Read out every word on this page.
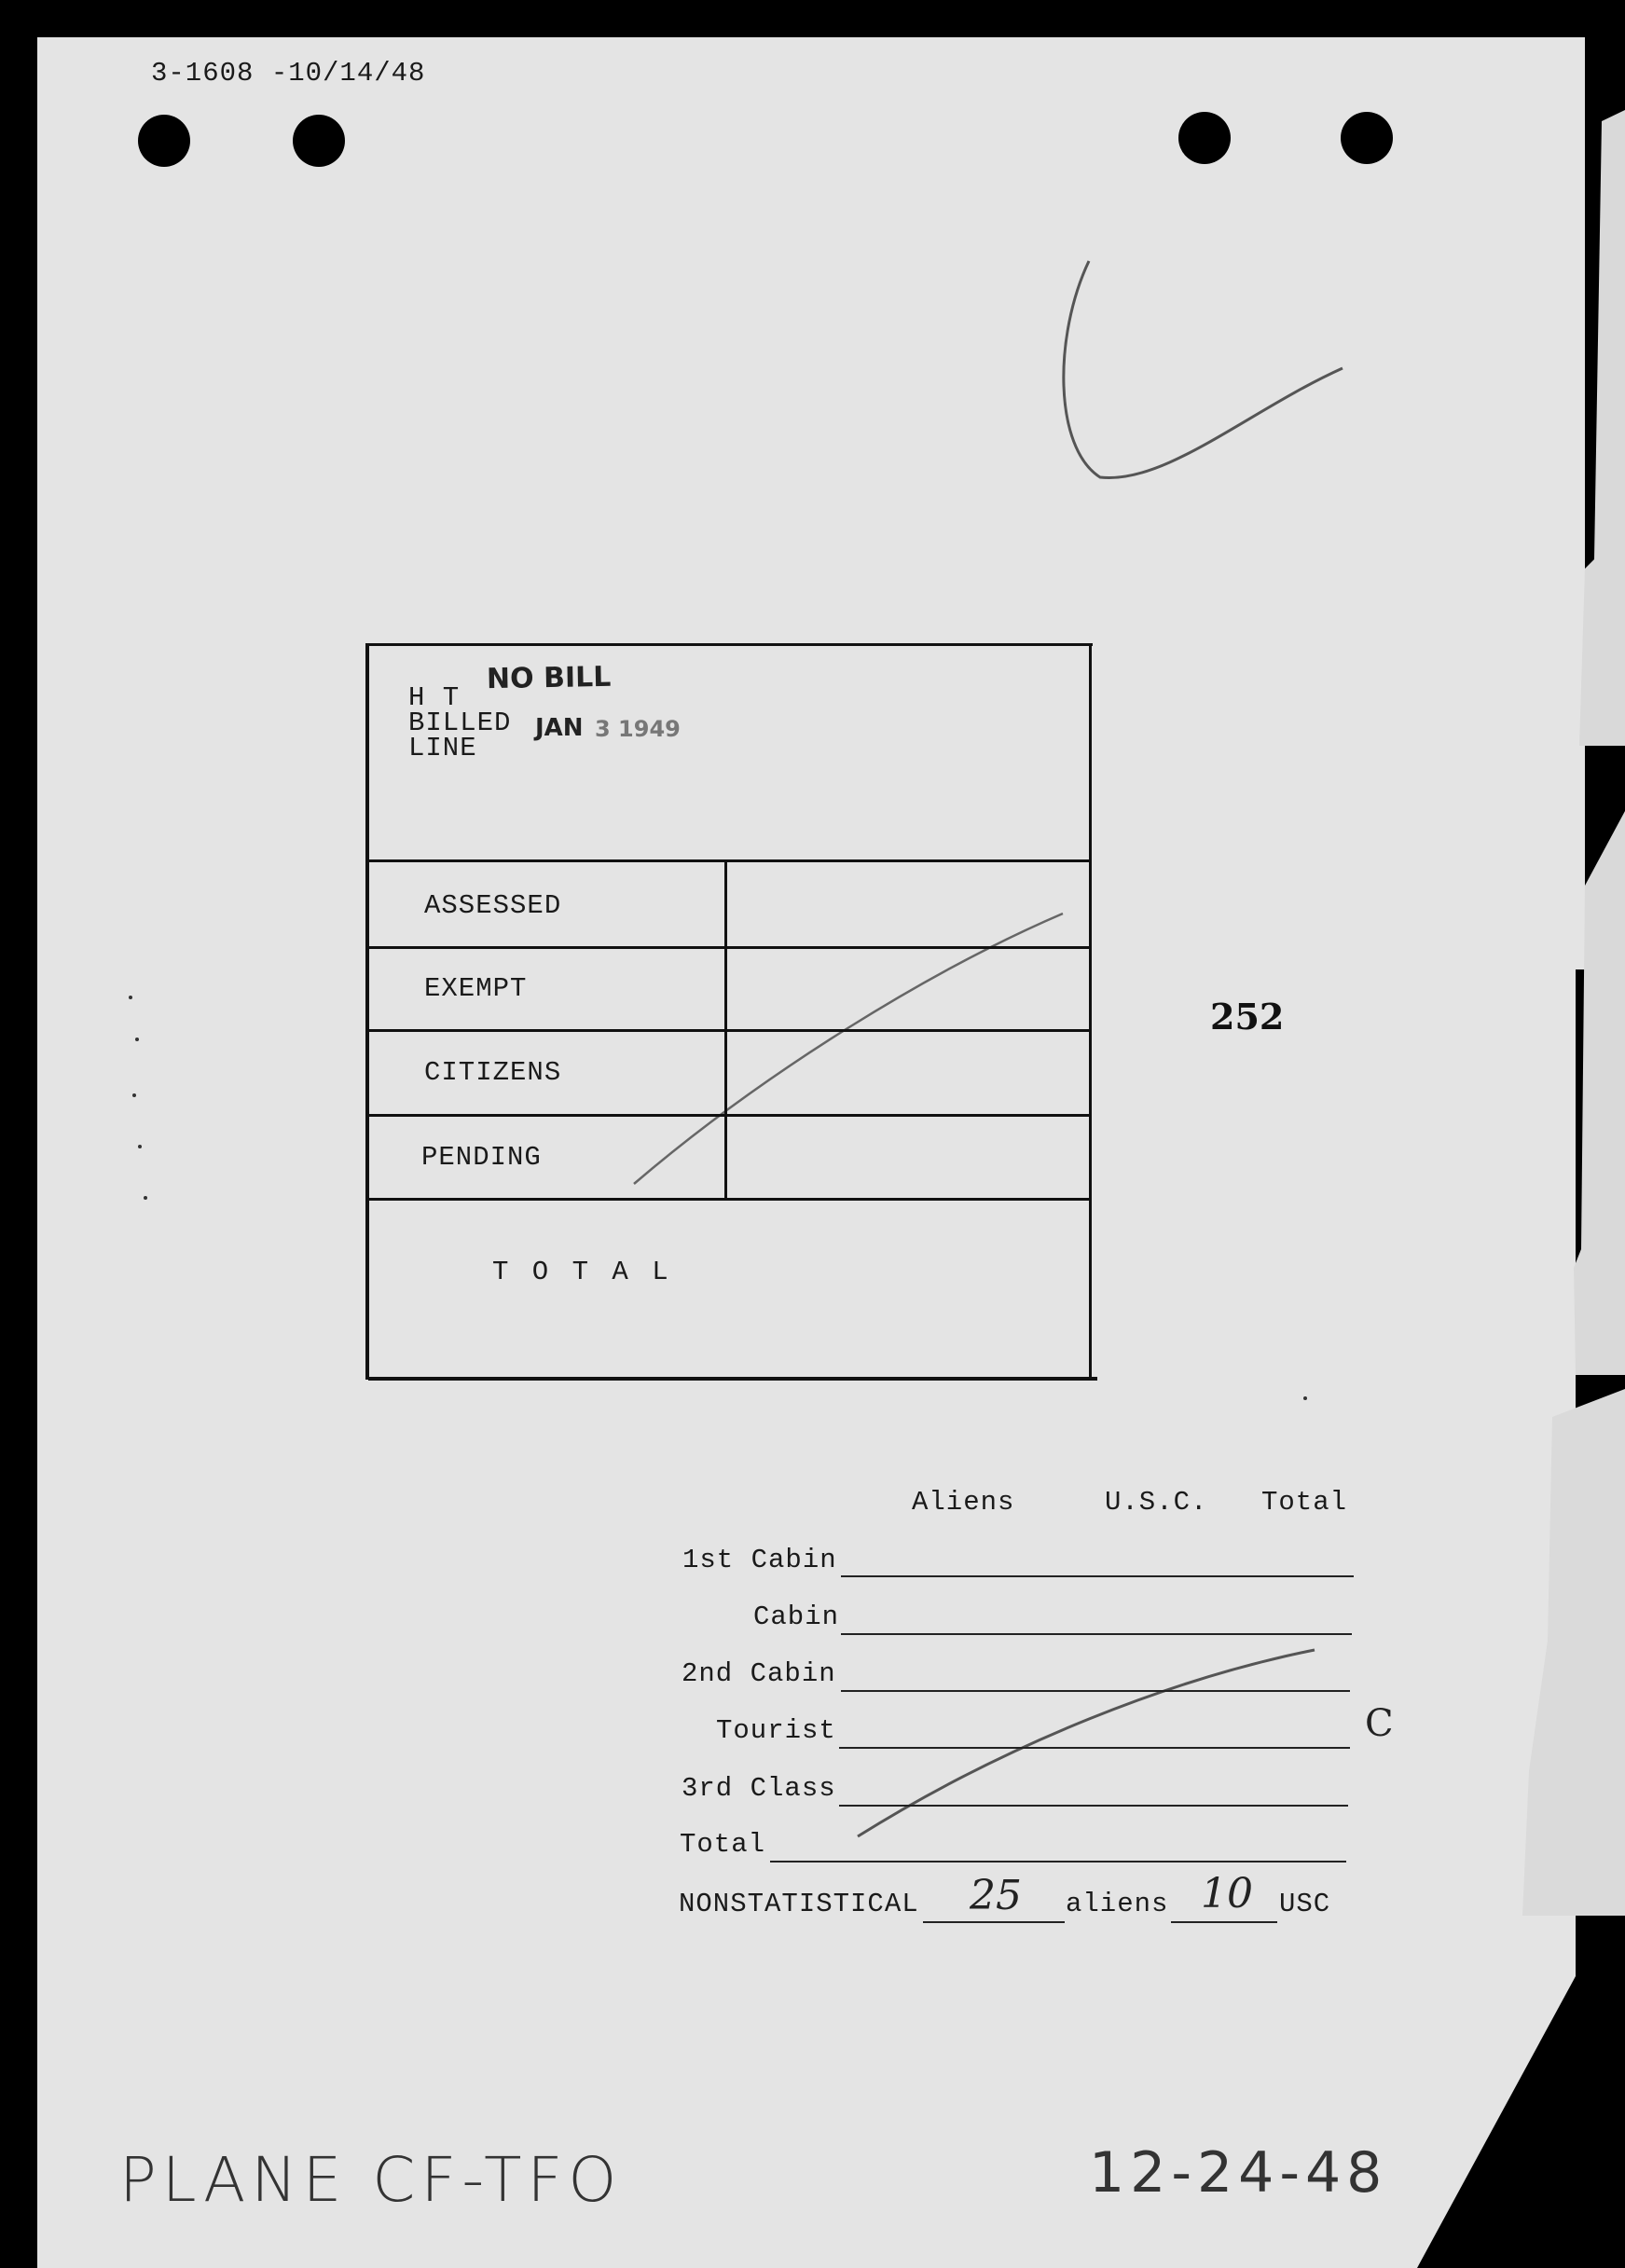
3-1608 -10/14/48
H T
BILLED
LINE
NO BILL
JAN 3 1949
ASSESSED
EXEMPT
CITIZENS
PENDING
T O T A L
252
Aliens	U.S.C. Total
1st Cabin
Cabin
2nd Cabin
Tourist
3rd Class
Total
NONSTATISTICAL 25 aliens 10 USC
C
PLANE CF-TFO	12-24-48
